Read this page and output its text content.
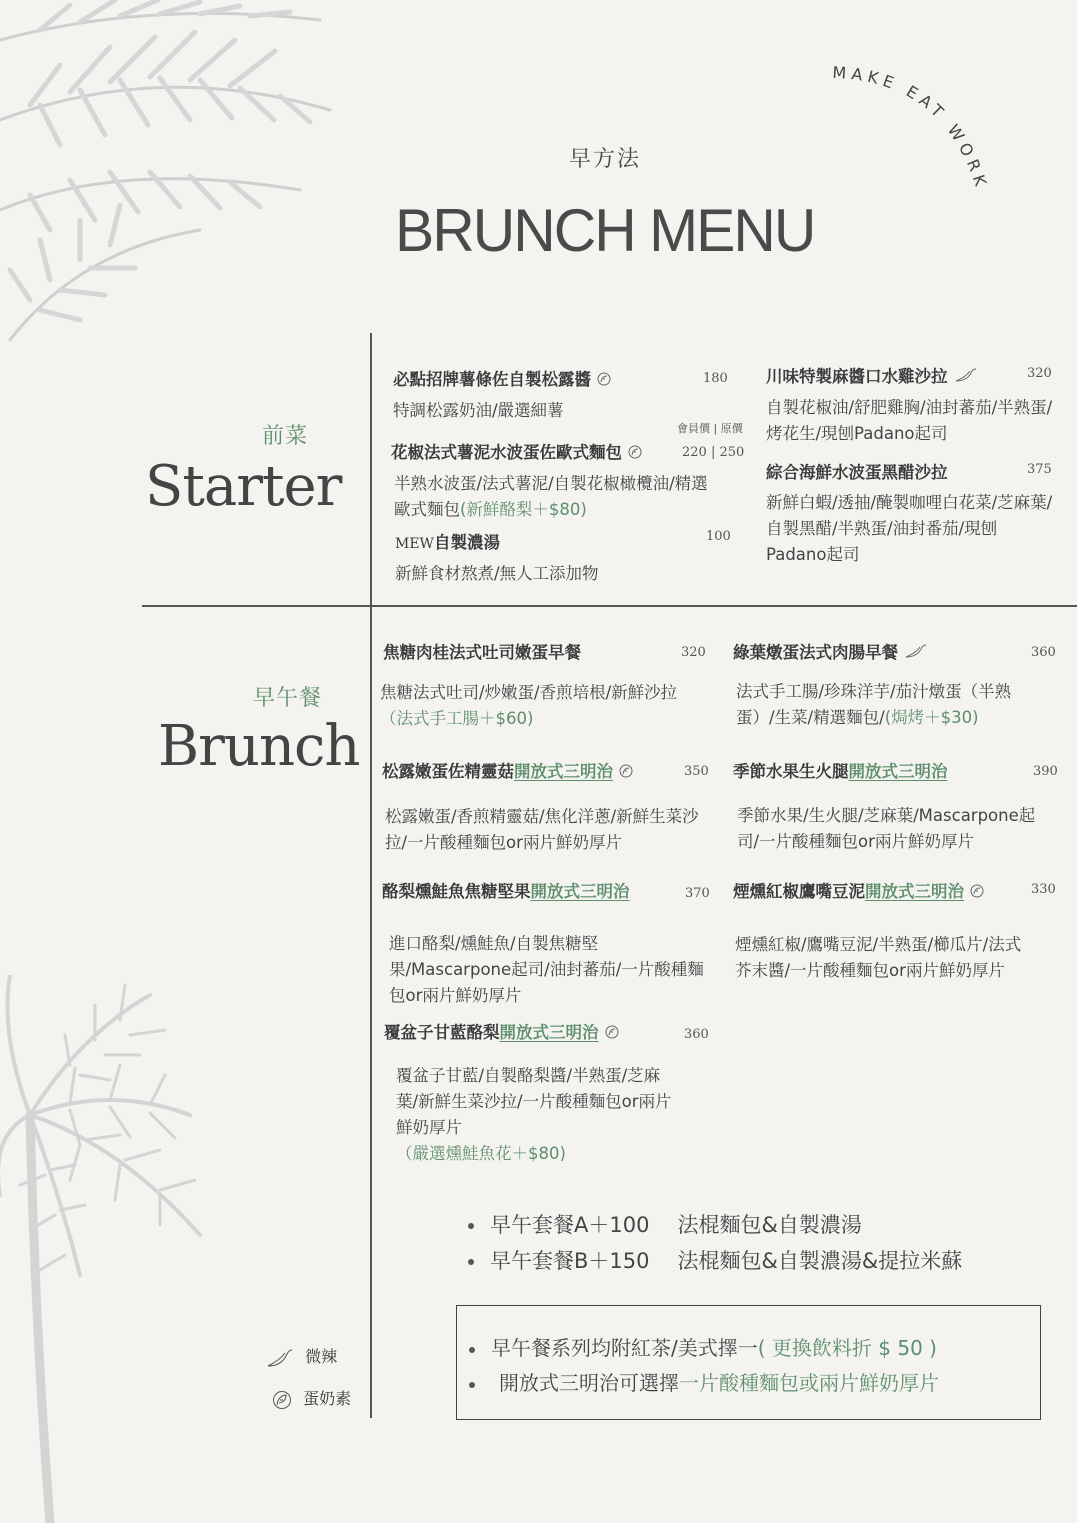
早方法
BRUNCH MENU
MAKE EAT WORK
前菜
Starter
早午餐
Brunch
必點招牌薯條佐自製松露醬	180
特調松露奶油/嚴選細薯
會員價 | 原價
花椒法式薯泥水波蛋佐歐式麵包	220 | 250
半熟水波蛋/法式薯泥/自製花椒橄欖油/精選歐式麵包(新鮮酪梨＋$80)
MEW自製濃湯	100
新鮮食材熬煮/無人工添加物
川味特製麻醬口水雞沙拉	320
自製花椒油/舒肥雞胸/油封蕃茄/半熟蛋/烤花生/現刨Padano起司
綜合海鮮水波蛋黑醋沙拉	375
新鮮白蝦/透抽/醃製咖哩白花菜/芝麻葉/自製黑醋/半熟蛋/油封番茄/現刨Padano起司
焦糖肉桂法式吐司嫩蛋早餐	320
焦糖法式吐司/炒嫩蛋/香煎培根/新鮮沙拉（法式手工腸＋$60)
綠葉燉蛋法式肉腸早餐	360
法式手工腸/珍珠洋芋/茄汁燉蛋（半熟蛋）/生菜/精選麵包/(焗烤＋$30)
松露嫩蛋佐精靈菇開放式三明治	350
松露嫩蛋/香煎精靈菇/焦化洋蔥/新鮮生菜沙拉/一片酸種麵包or兩片鮮奶厚片
季節水果生火腿開放式三明治	390
季節水果/生火腿/芝麻葉/Mascarpone起司/一片酸種麵包or兩片鮮奶厚片
酪梨燻鮭魚焦糖堅果開放式三明治	370
進口酪梨/燻鮭魚/自製焦糖堅果/Mascarpone起司/油封蕃茄/一片酸種麵包or兩片鮮奶厚片
煙燻紅椒鷹嘴豆泥開放式三明治	330
煙燻紅椒/鷹嘴豆泥/半熟蛋/櫛瓜片/法式芥末醬/一片酸種麵包or兩片鮮奶厚片
覆盆子甘藍酪梨開放式三明治	360
覆盆子甘藍/自製酪梨醬/半熟蛋/芝麻葉/新鮮生菜沙拉/一片酸種麵包or兩片鮮奶厚片
（嚴選燻鮭魚花＋$80)
早午套餐A＋100 法棍麵包&自製濃湯
早午套餐B＋150 法棍麵包&自製濃湯&提拉米蘇
早午餐系列均附紅茶/美式擇一( 更換飲料折 $ 50 )
開放式三明治可選擇一片酸種麵包或兩片鮮奶厚片
微辣
蛋奶素
